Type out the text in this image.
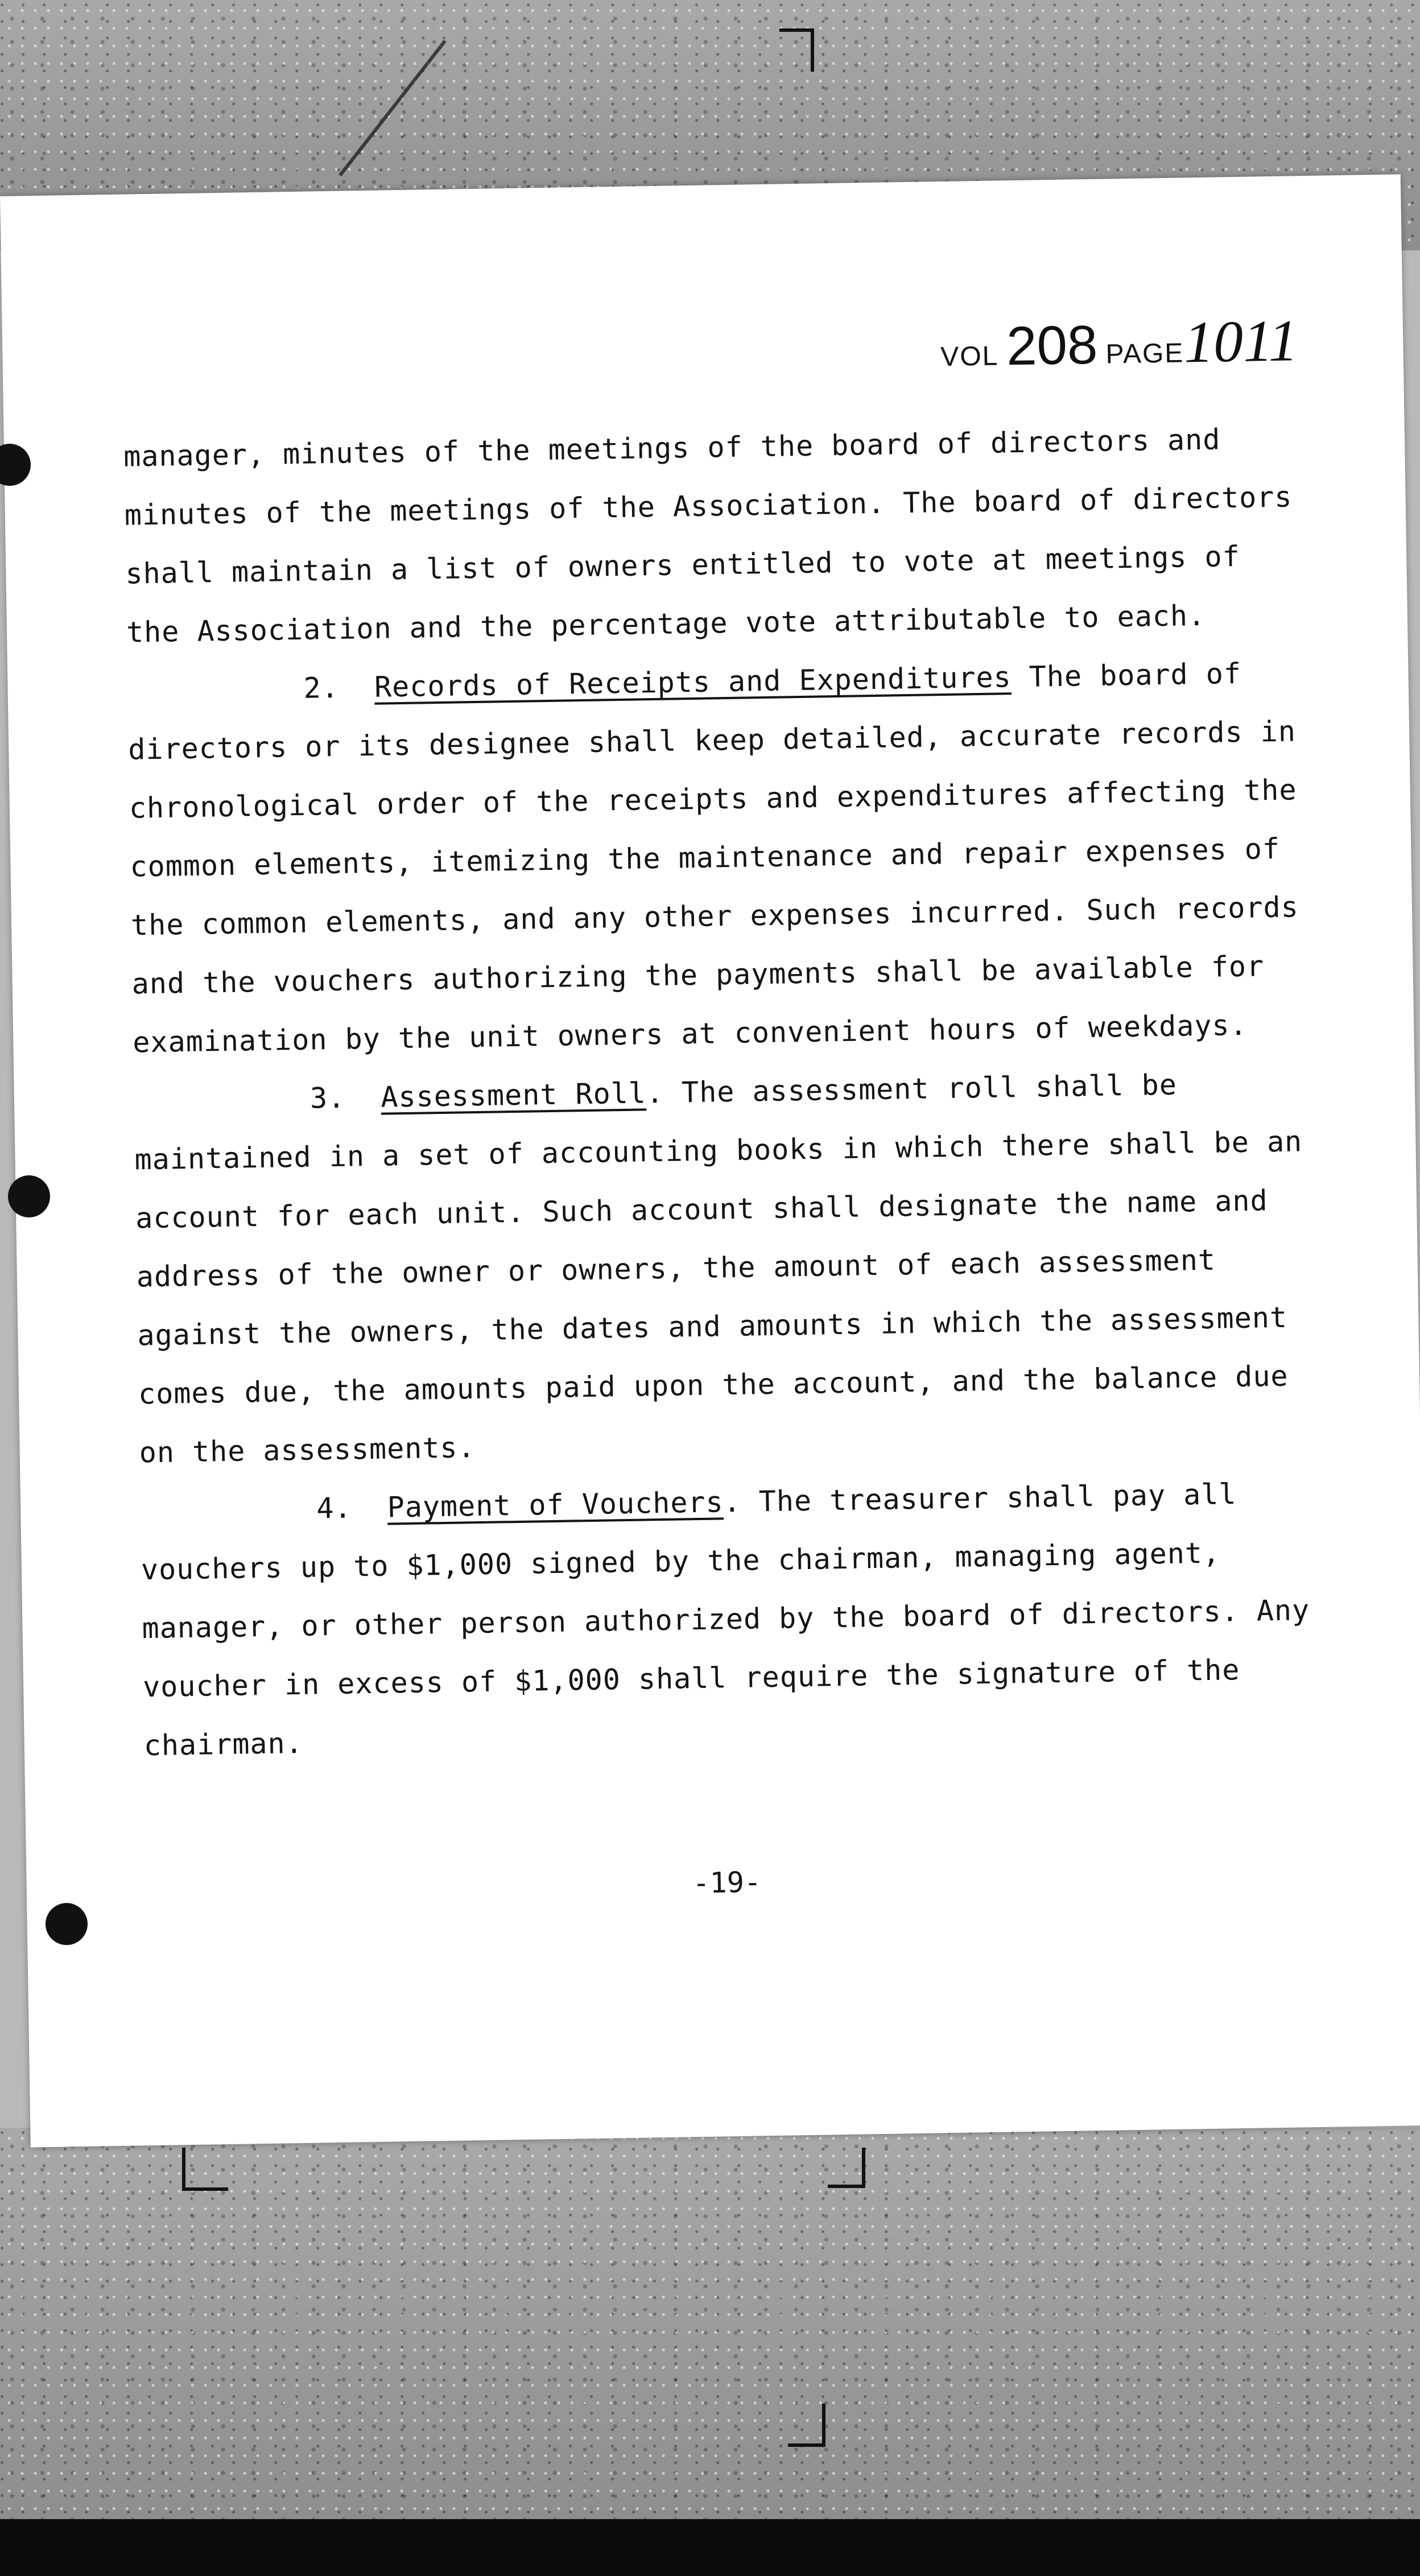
VOL 208 PAGE1011

manager, minutes of the meetings of the board of directors and minutes of the meetings of the Association. The board of directors shall maintain a list of owners entitled to vote at meetings of the Association and the percentage vote attributable to each.

2. Records of Receipts and Expenditures The board of directors or its designee shall keep detailed, accurate records in chronological order of the receipts and expenditures affecting the common elements, itemizing the maintenance and repair expenses of the common elements, and any other expenses incurred. Such records and the vouchers authorizing the payments shall be available for examination by the unit owners at convenient hours of weekdays.

3. Assessment Roll. The assessment roll shall be maintained in a set of accounting books in which there shall be an account for each unit. Such account shall designate the name and address of the owner or owners, the amount of each assessment against the owners, the dates and amounts in which the assessment comes due, the amounts paid upon the account, and the balance due on the assessments.

4. Payment of Vouchers. The treasurer shall pay all vouchers up to $1,000 signed by the chairman, managing agent, manager, or other person authorized by the board of directors. Any voucher in excess of $1,000 shall require the signature of the chairman.

-19-
